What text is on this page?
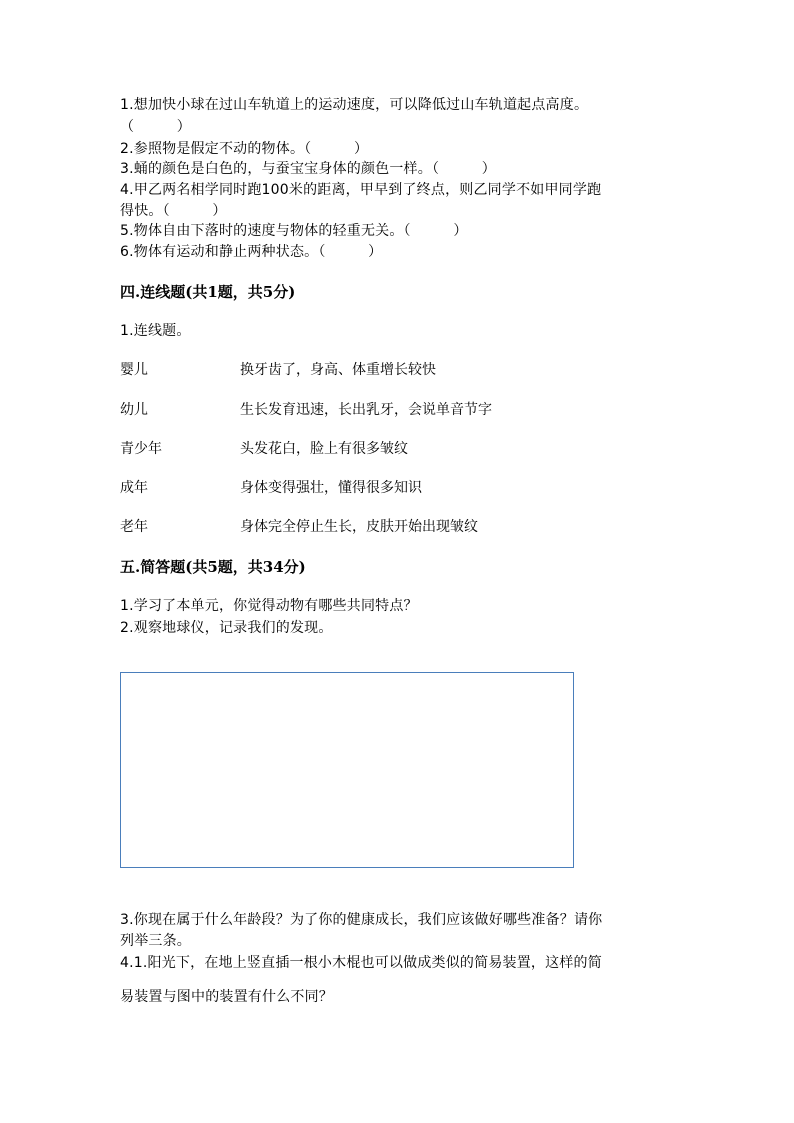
1.想加快小球在过山车轨道上的运动速度，可以降低过山车轨道起点高度。
（　　　）
2.参照物是假定不动的物体。（　　　）
3.蛹的颜色是白色的，与蚕宝宝身体的颜色一样。（　　　）
4.甲乙两名相学同时跑100米的距离，甲早到了终点，则乙同学不如甲同学跑
得快。（　　　）
5.物体自由下落时的速度与物体的轻重无关。（　　　）
6.物体有运动和静止两种状态。（　　　）
四.连线题(共1题，共5分)
1.连线题。
婴儿	换牙齿了，身高、体重增长较快
幼儿	生长发育迅速，长出乳牙，会说单音节字
青少年	头发花白，脸上有很多皱纹
成年	身体变得强壮，懂得很多知识
老年	身体完全停止生长，皮肤开始出现皱纹
五.简答题(共5题，共34分)
1.学习了本单元，你觉得动物有哪些共同特点？
2.观察地球仪，记录我们的发现。
3.你现在属于什么年龄段？为了你的健康成长，我们应该做好哪些准备？请你
列举三条。
4.1.阳光下，在地上竖直插一根小木棍也可以做成类似的简易装置，这样的简
易装置与图中的装置有什么不同？
